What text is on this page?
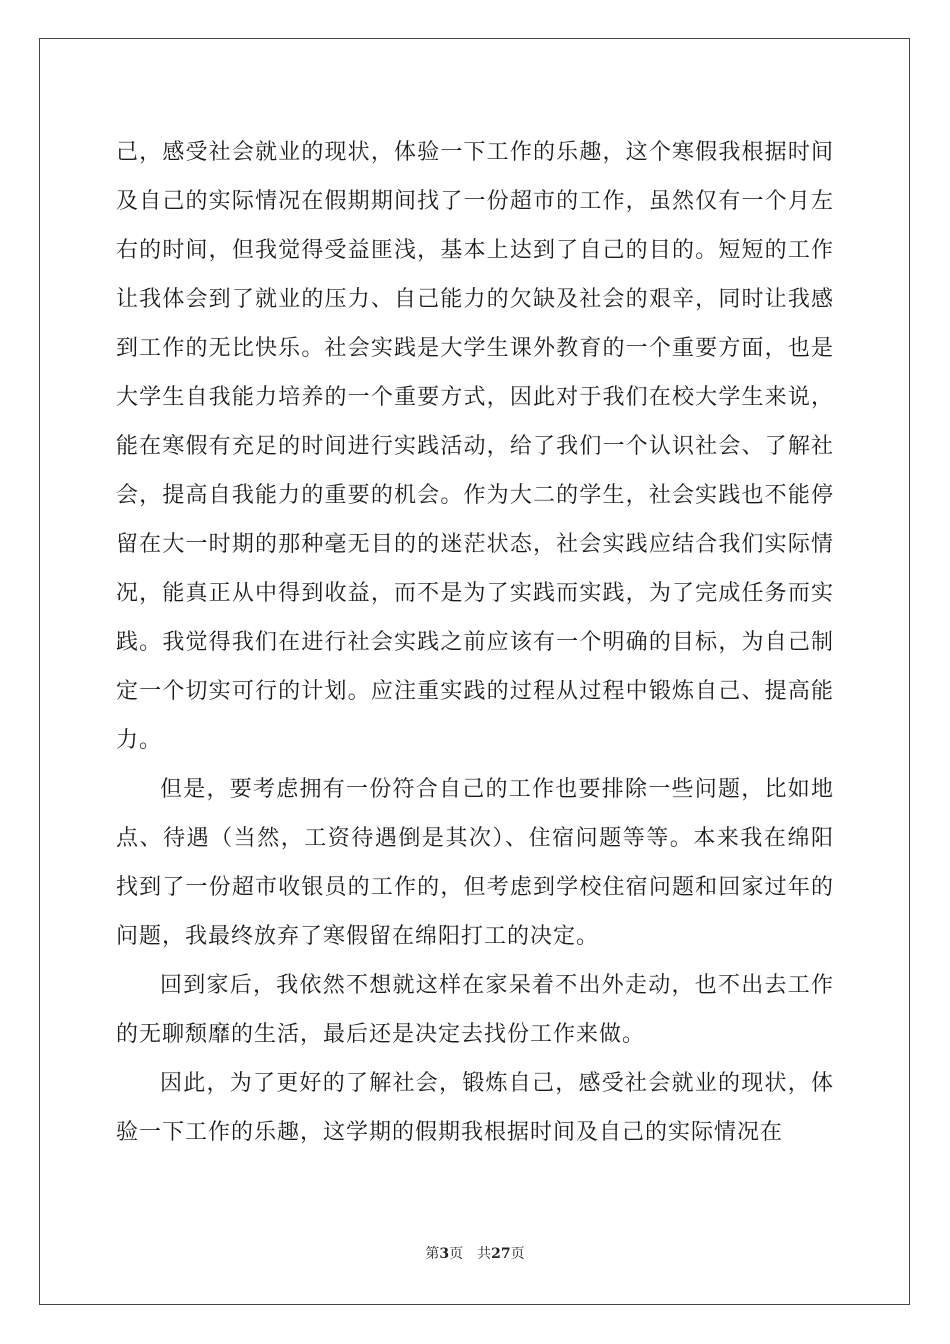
己，感受社会就业的现状，体验一下工作的乐趣，这个寒假我根据时间及自己的实际情况在假期期间找了一份超市的工作，虽然仅有一个月左右的时间，但我觉得受益匪浅，基本上达到了自己的目的。短短的工作让我体会到了就业的压力、自己能力的欠缺及社会的艰辛，同时让我感到工作的无比快乐。社会实践是大学生课外教育的一个重要方面，也是大学生自我能力培养的一个重要方式，因此对于我们在校大学生来说，能在寒假有充足的时间进行实践活动，给了我们一个认识社会、了解社会，提高自我能力的重要的机会。作为大二的学生，社会实践也不能停留在大一时期的那种毫无目的的迷茫状态，社会实践应结合我们实际情况，能真正从中得到收益，而不是为了实践而实践，为了完成任务而实践。我觉得我们在进行社会实践之前应该有一个明确的目标，为自己制定一个切实可行的计划。应注重实践的过程从过程中锻炼自己、提高能力。

但是，要考虑拥有一份符合自己的工作也要排除一些问题，比如地点、待遇（当然，工资待遇倒是其次）、住宿问题等等。本来我在绵阳找到了一份超市收银员的工作的，但考虑到学校住宿问题和回家过年的问题，我最终放弃了寒假留在绵阳打工的决定。

回到家后，我依然不想就这样在家呆着不出外走动，也不出去工作的无聊颓靡的生活，最后还是决定去找份工作来做。

因此，为了更好的了解社会，锻炼自己，感受社会就业的现状，体验一下工作的乐趣，这学期的假期我根据时间及自己的实际情况在

第3页 共27页
